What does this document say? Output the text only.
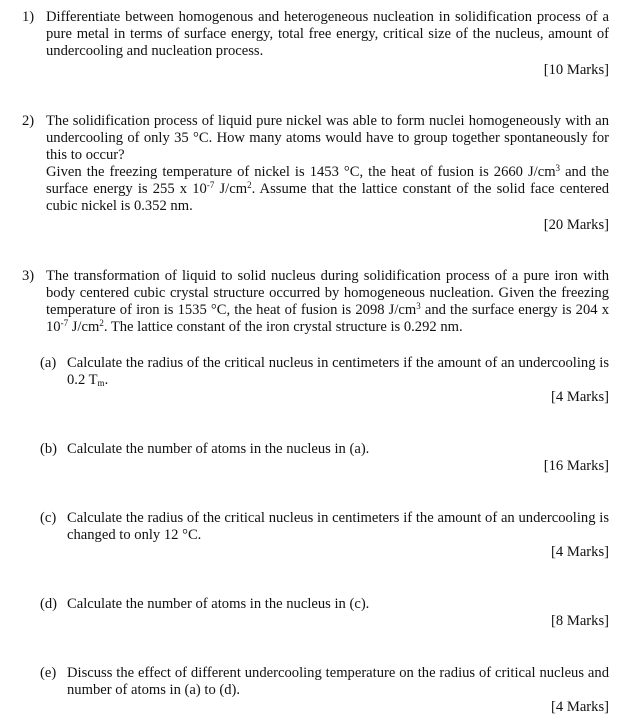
1) Differentiate between homogenous and heterogeneous nucleation in solidification process of a pure metal in terms of surface energy, total free energy, critical size of the nucleus, amount of undercooling and nucleation process.
[10 Marks]
2) The solidification process of liquid pure nickel was able to form nuclei homogeneously with an undercooling of only 35 °C. How many atoms would have to group together spontaneously for this to occur?
Given the freezing temperature of nickel is 1453 °C, the heat of fusion is 2660 $J/cm^3$ and the surface energy is 255 x $10^{-7}$ $J/cm^2$. Assume that the lattice constant of the solid face centered cubic nickel is 0.352 nm.
[20 Marks]
3) The transformation of liquid to solid nucleus during solidification process of a pure iron with body centered cubic crystal structure occurred by homogeneous nucleation. Given the freezing temperature of iron is 1535 °C, the heat of fusion is 2098 $J/cm^3$ and the surface energy is 204 x $10^{-7}$ $J/cm^2$. The lattice constant of the iron crystal structure is 0.292 nm.
(a) Calculate the radius of the critical nucleus in centimeters if the amount of an undercooling is 0.2 $T_m$.
[4 Marks]
(b) Calculate the number of atoms in the nucleus in (a).
[16 Marks]
(c) Calculate the radius of the critical nucleus in centimeters if the amount of an undercooling is changed to only 12 °C.
[4 Marks]
(d) Calculate the number of atoms in the nucleus in (c).
[8 Marks]
(e) Discuss the effect of different undercooling temperature on the radius of critical nucleus and number of atoms in (a) to (d).
[4 Marks]
